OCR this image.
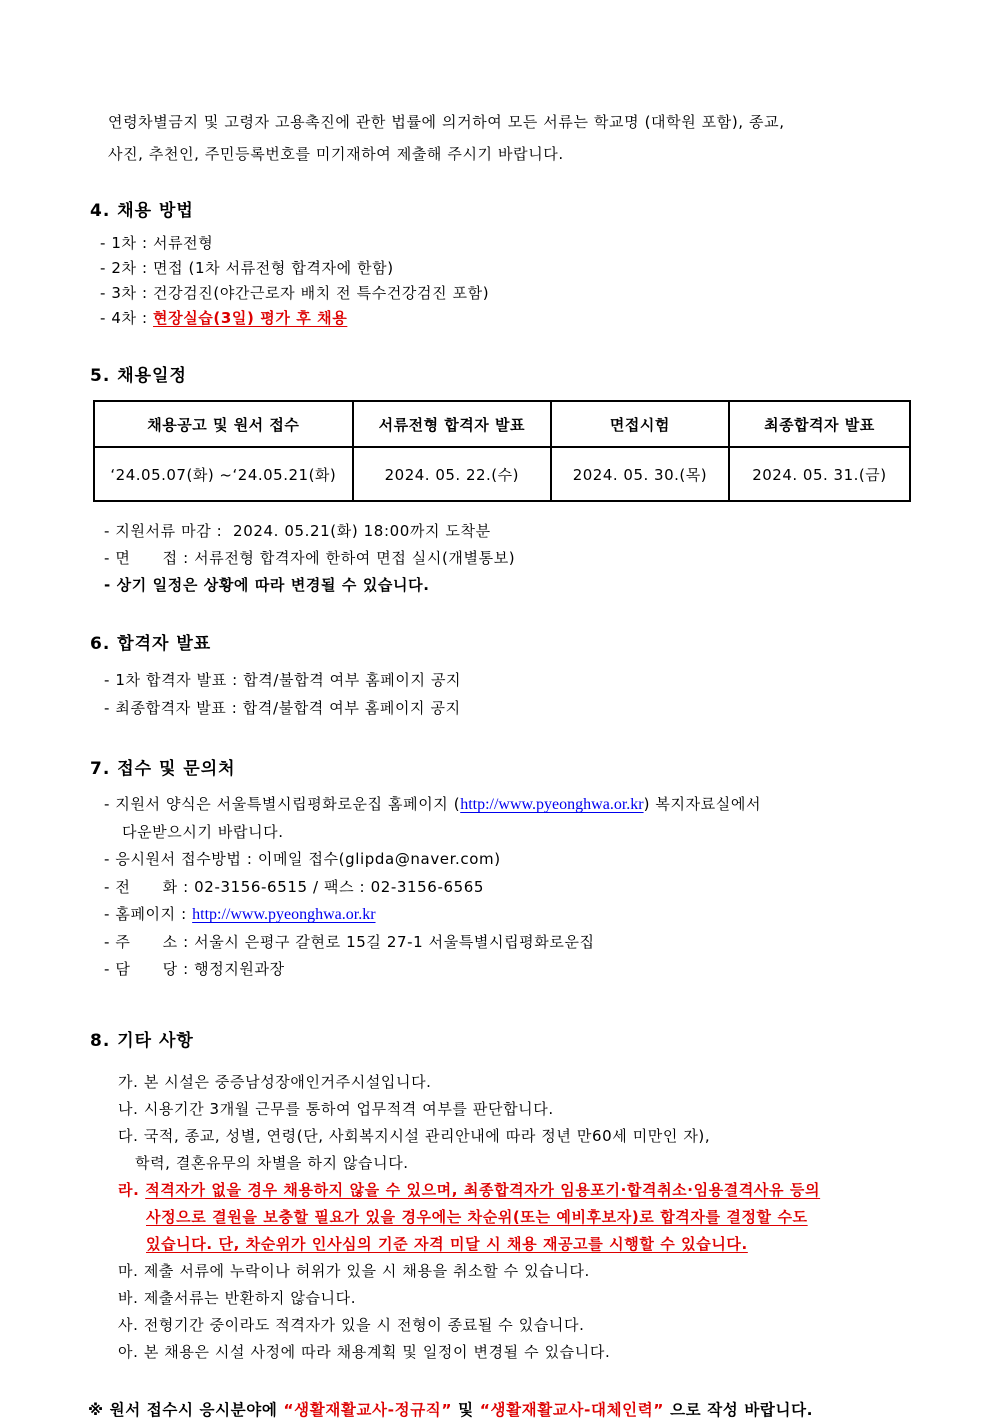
연령차별금지 및 고령자 고용촉진에 관한 법률에 의거하여 모든 서류는 학교명 (대학원 포함), 종교,
사진, 추천인, 주민등록번호를 미기재하여 제출해 주시기 바랍니다.
4. 채용 방법
- 1차 : 서류전형
- 2차 : 면접 (1차 서류전형 합격자에 한함)
- 3차 : 건강검진(야간근로자 배치 전 특수건강검진 포함)
- 4차 : 현장실습(3일) 평가 후 채용
5. 채용일정
채용공고 및 원서 접수	서류전형 합격자 발표	면접시험	최종합격자 발표
‘24.05.07(화) ~‘24.05.21(화)	2024. 05. 22.(수)	2024. 05. 30.(목)	2024. 05. 31.(금)
- 지원서류 마감 :  2024. 05.21(화) 18:00까지 도착분
- 면      접 : 서류전형 합격자에 한하여 면접 실시(개별통보)
- 상기 일정은 상황에 따라 변경될 수 있습니다.
6. 합격자 발표
- 1차 합격자 발표 : 합격/불합격 여부 홈페이지 공지
- 최종합격자 발표 : 합격/불합격 여부 홈페이지 공지
7. 접수 및 문의처
- 지원서 양식은 서울특별시립평화로운집 홈페이지 (http://www.pyeonghwa.or.kr) 복지자료실에서
다운받으시기 바랍니다.
- 응시원서 접수방법 : 이메일 접수(glipda@naver.com)
- 전      화 : 02-3156-6515 / 팩스 : 02-3156-6565
- 홈페이지 : http://www.pyeonghwa.or.kr
- 주      소 : 서울시 은평구 갈현로 15길 27-1 서울특별시립평화로운집
- 담      당 : 행정지원과장
8. 기타 사항
가. 본 시설은 중증남성장애인거주시설입니다.
나. 시용기간 3개월 근무를 통하여 업무적격 여부를 판단합니다.
다. 국적, 종교, 성별, 연령(단, 사회복지시설 관리안내에 따라 정년 만60세 미만인 자),
학력, 결혼유무의 차별을 하지 않습니다.
라. 적격자가 없을 경우 채용하지 않을 수 있으며, 최종합격자가 임용포기·합격취소·임용결격사유 등의
사정으로 결원을 보충할 필요가 있을 경우에는 차순위(또는 예비후보자)로 합격자를 결정할 수도
있습니다. 단, 차순위가 인사심의 기준 자격 미달 시 채용 재공고를 시행할 수 있습니다.
마. 제출 서류에 누락이나 허위가 있을 시 채용을 취소할 수 있습니다.
바. 제출서류는 반환하지 않습니다.
사. 전형기간 중이라도 적격자가 있을 시 전형이 종료될 수 있습니다.
아. 본 채용은 시설 사정에 따라 채용계획 및 일정이 변경될 수 있습니다.
※ 원서 접수시 응시분야에 “생활재활교사-정규직” 및 “생활재활교사-대체인력” 으로 작성 바랍니다.
